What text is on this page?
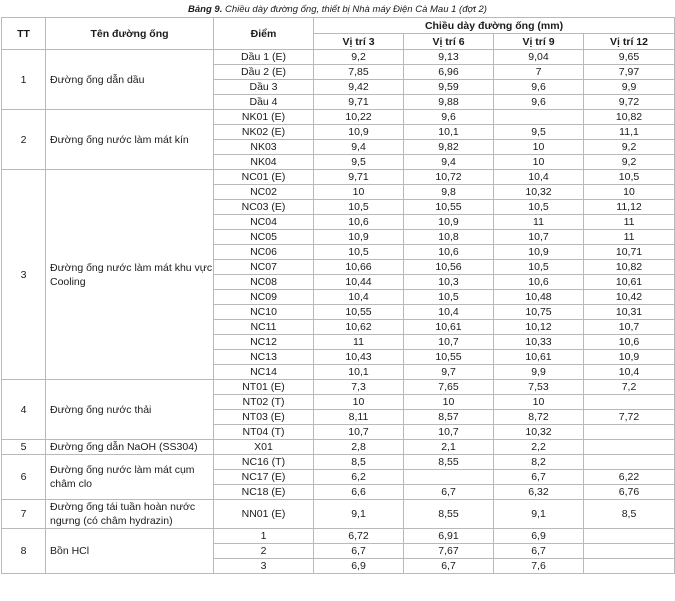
Bảng 9. Chiều dày đường ống, thiết bị Nhà máy Điện Cà Mau 1 (đợt 2)
TT	Tên đường ống	Điểm	Chiều dày đường ống (mm)			
			Vị trí 3	Vị trí 6	Vị trí 9	Vị trí 12
1	Đường ống dẫn dầu	Dầu 1 (E)	9,2	9,13	9,04	9,65
		Dầu 2 (E)	7,85	6,96	7	7,97
		Dầu 3	9,42	9,59	9,6	9,9
		Dầu 4	9,71	9,88	9,6	9,72
2	Đường ống nước làm mát kín	NK01 (E)	10,22	9,6		10,82
		NK02 (E)	10,9	10,1	9,5	11,1
		NK03	9,4	9,82	10	9,2
		NK04	9,5	9,4	10	9,2
3	Đường ống nước làm mát khu vực Cooling	NC01 (E)	9,71	10,72	10,4	10,5
		NC02	10	9,8	10,32	10
		NC03 (E)	10,5	10,55	10,5	11,12
		NC04	10,6	10,9	11	11
		NC05	10,9	10,8	10,7	11
		NC06	10,5	10,6	10,9	10,71
		NC07	10,66	10,56	10,5	10,82
		NC08	10,44	10,3	10,6	10,61
		NC09	10,4	10,5	10,48	10,42
		NC10	10,55	10,4	10,75	10,31
		NC11	10,62	10,61	10,12	10,7
		NC12	11	10,7	10,33	10,6
		NC13	10,43	10,55	10,61	10,9
		NC14	10,1	9,7	9,9	10,4
4	Đường ống nước thải	NT01 (E)	7,3	7,65	7,53	7,2
		NT02 (T)	10	10	10	
		NT03 (E)	8,11	8,57	8,72	7,72
		NT04 (T)	10,7	10,7	10,32	
5	Đường ống dẫn NaOH (SS304)	X01	2,8	2,1	2,2	
6	Đường ống nước làm mát cụm châm clo	NC16 (T)	8,5	8,55	8,2	
		NC17 (E)	6,2		6,7	6,22
		NC18 (E)	6,6	6,7	6,32	6,76
7	Đường ống tái tuần hoàn nước ngưng (có châm hydrazin)	NN01 (E)	9,1	8,55	9,1	8,5
8	Bồn HCl	1	6,72	6,91	6,9	
		2	6,7	7,67	6,7	
		3	6,9	6,7	7,6	
